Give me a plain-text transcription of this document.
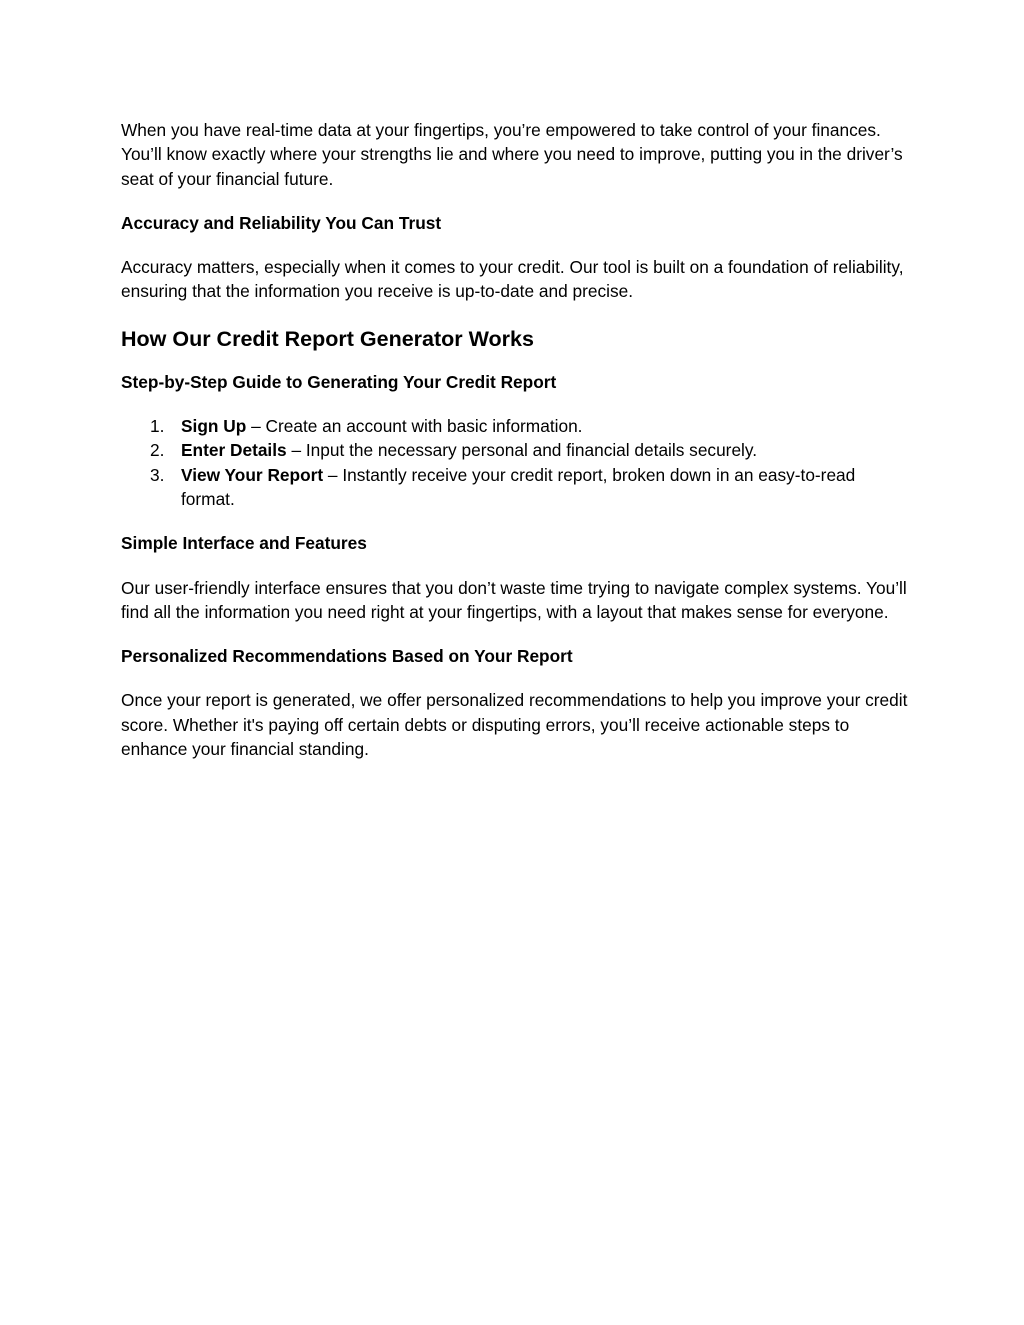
When you have real-time data at your fingertips, you’re empowered to take control of your finances. You’ll know exactly where your strengths lie and where you need to improve, putting you in the driver’s seat of your financial future.

Accuracy and Reliability You Can Trust

Accuracy matters, especially when it comes to your credit. Our tool is built on a foundation of reliability, ensuring that the information you receive is up-to-date and precise.

How Our Credit Report Generator Works
Step-by-Step Guide to Generating Your Credit Report
1. Sign Up – Create an account with basic information.
2. Enter Details – Input the necessary personal and financial details securely.
3. View Your Report – Instantly receive your credit report, broken down in an easy-to-read format.
Simple Interface and Features

Our user-friendly interface ensures that you don’t waste time trying to navigate complex systems. You’ll find all the information you need right at your fingertips, with a layout that makes sense for everyone.

Personalized Recommendations Based on Your Report

Once your report is generated, we offer personalized recommendations to help you improve your credit score. Whether it's paying off certain debts or disputing errors, you’ll receive actionable steps to enhance your financial standing.
